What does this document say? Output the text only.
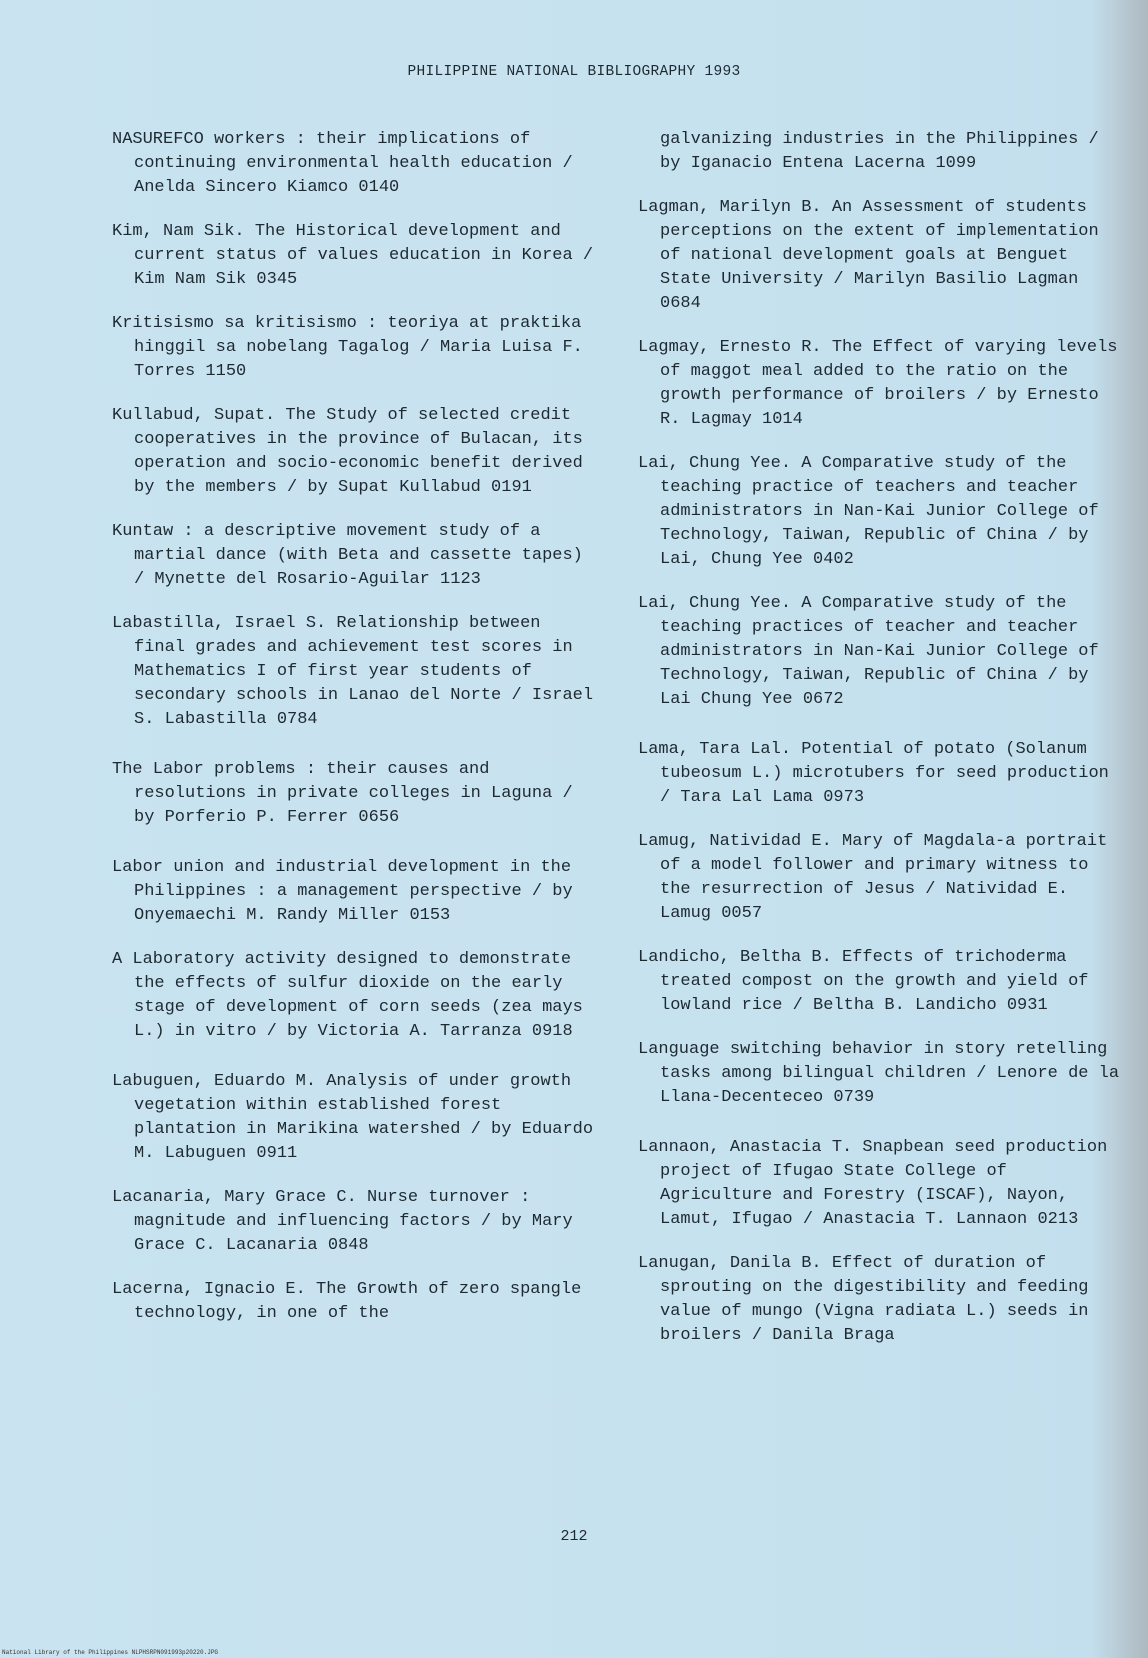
PHILIPPINE NATIONAL BIBLIOGRAPHY 1993

NASUREFCO workers : their implications of continuing environmental health education / Anelda Sincero Kiamco 0140

Kim, Nam Sik. The Historical development and current status of values education in Korea / Kim Nam Sik 0345

Kritisismo sa kritisismo : teoriya at praktika hinggil sa nobelang Tagalog / Maria Luisa F. Torres 1150

Kullabud, Supat. The Study of selected credit cooperatives in the province of Bulacan, its operation and socio-economic benefit derived by the members / by Supat Kullabud 0191

Kuntaw : a descriptive movement study of a martial dance (with Beta and cassette tapes) / Mynette del Rosario-Aguilar 1123

Labastilla, Israel S. Relationship between final grades and achievement test scores in Mathematics I of first year students of secondary schools in Lanao del Norte / Israel S. Labastilla 0784

The Labor problems : their causes and resolutions in private colleges in Laguna / by Porferio P. Ferrer 0656

Labor union and industrial development in the Philippines : a management perspective / by Onyemaechi M. Randy Miller 0153

A Laboratory activity designed to demonstrate the effects of sulfur dioxide on the early stage of development of corn seeds (zea mays L.) in vitro / by Victoria A. Tarranza 0918

Labuguen, Eduardo M. Analysis of under growth vegetation within established forest plantation in Marikina watershed / by Eduardo M. Labuguen 0911

Lacanaria, Mary Grace C. Nurse turnover : magnitude and influencing factors / by Mary Grace C. Lacanaria 0848

Lacerna, Ignacio E. The Growth of zero spangle technology, in one of the

galvanizing industries in the Philippines / by Iganacio Entena Lacerna 1099

Lagman, Marilyn B. An Assessment of students perceptions on the extent of implementation of national development goals at Benguet State University / Marilyn Basilio Lagman 0684

Lagmay, Ernesto R. The Effect of varying levels of maggot meal added to the ratio on the growth performance of broilers / by Ernesto R. Lagmay 1014

Lai, Chung Yee. A Comparative study of the teaching practice of teachers and teacher administrators in Nan-Kai Junior College of Technology, Taiwan, Republic of China / by Lai, Chung Yee 0402

Lai, Chung Yee. A Comparative study of the teaching practices of teacher and teacher administrators in Nan-Kai Junior College of Technology, Taiwan, Republic of China / by Lai Chung Yee 0672

Lama, Tara Lal. Potential of potato (Solanum tubeosum L.) microtubers for seed production / Tara Lal Lama 0973

Lamug, Natividad E. Mary of Magdala-a portrait of a model follower and primary witness to the resurrection of Jesus / Natividad E. Lamug 0057

Landicho, Beltha B. Effects of trichoderma treated compost on the growth and yield of lowland rice / Beltha B. Landicho 0931

Language switching behavior in story retelling tasks among bilingual children / Lenore de la Llana-Decenteceo 0739

Lannaon, Anastacia T. Snapbean seed production project of Ifugao State College of Agriculture and Forestry (ISCAF), Nayon, Lamut, Ifugao / Anastacia T. Lannaon 0213

Lanugan, Danila B. Effect of duration of sprouting on the digestibility and feeding value of mungo (Vigna radiata L.) seeds in broilers / Danila Braga

212
National Library of the Philippines NLPHSRPN091993p20220.JPG
